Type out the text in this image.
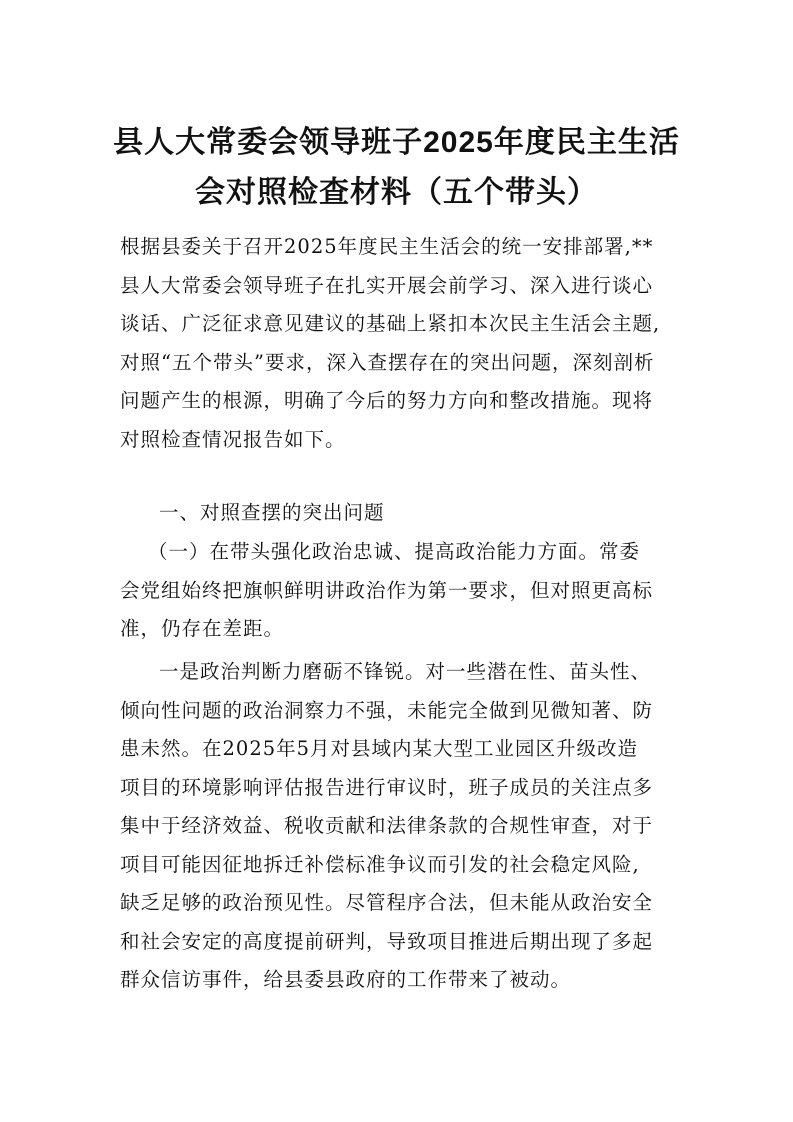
县人大常委会领导班子2025年度民主生活
会对照检查材料（五个带头）
根据县委关于召开2025年度民主生活会的统一安排部署,**
县人大常委会领导班子在扎实开展会前学习、深入进行谈心
谈话、广泛征求意见建议的基础上紧扣本次民主生活会主题,
对照“五个带头”要求，深入查摆存在的突出问题，深刻剖析
问题产生的根源，明确了今后的努力方向和整改措施。现将
对照检查情况报告如下。
一、对照查摆的突出问题
（一）在带头强化政治忠诚、提高政治能力方面。常委
会党组始终把旗帜鲜明讲政治作为第一要求，但对照更高标
准，仍存在差距。
一是政治判断力磨砺不锋锐。对一些潜在性、苗头性、
倾向性问题的政治洞察力不强，未能完全做到见微知著、防
患未然。在2025年5月对县域内某大型工业园区升级改造
项目的环境影响评估报告进行审议时，班子成员的关注点多
集中于经济效益、税收贡献和法律条款的合规性审查，对于
项目可能因征地拆迁补偿标准争议而引发的社会稳定风险,
缺乏足够的政治预见性。尽管程序合法，但未能从政治安全
和社会安定的高度提前研判，导致项目推进后期出现了多起
群众信访事件，给县委县政府的工作带来了被动。
